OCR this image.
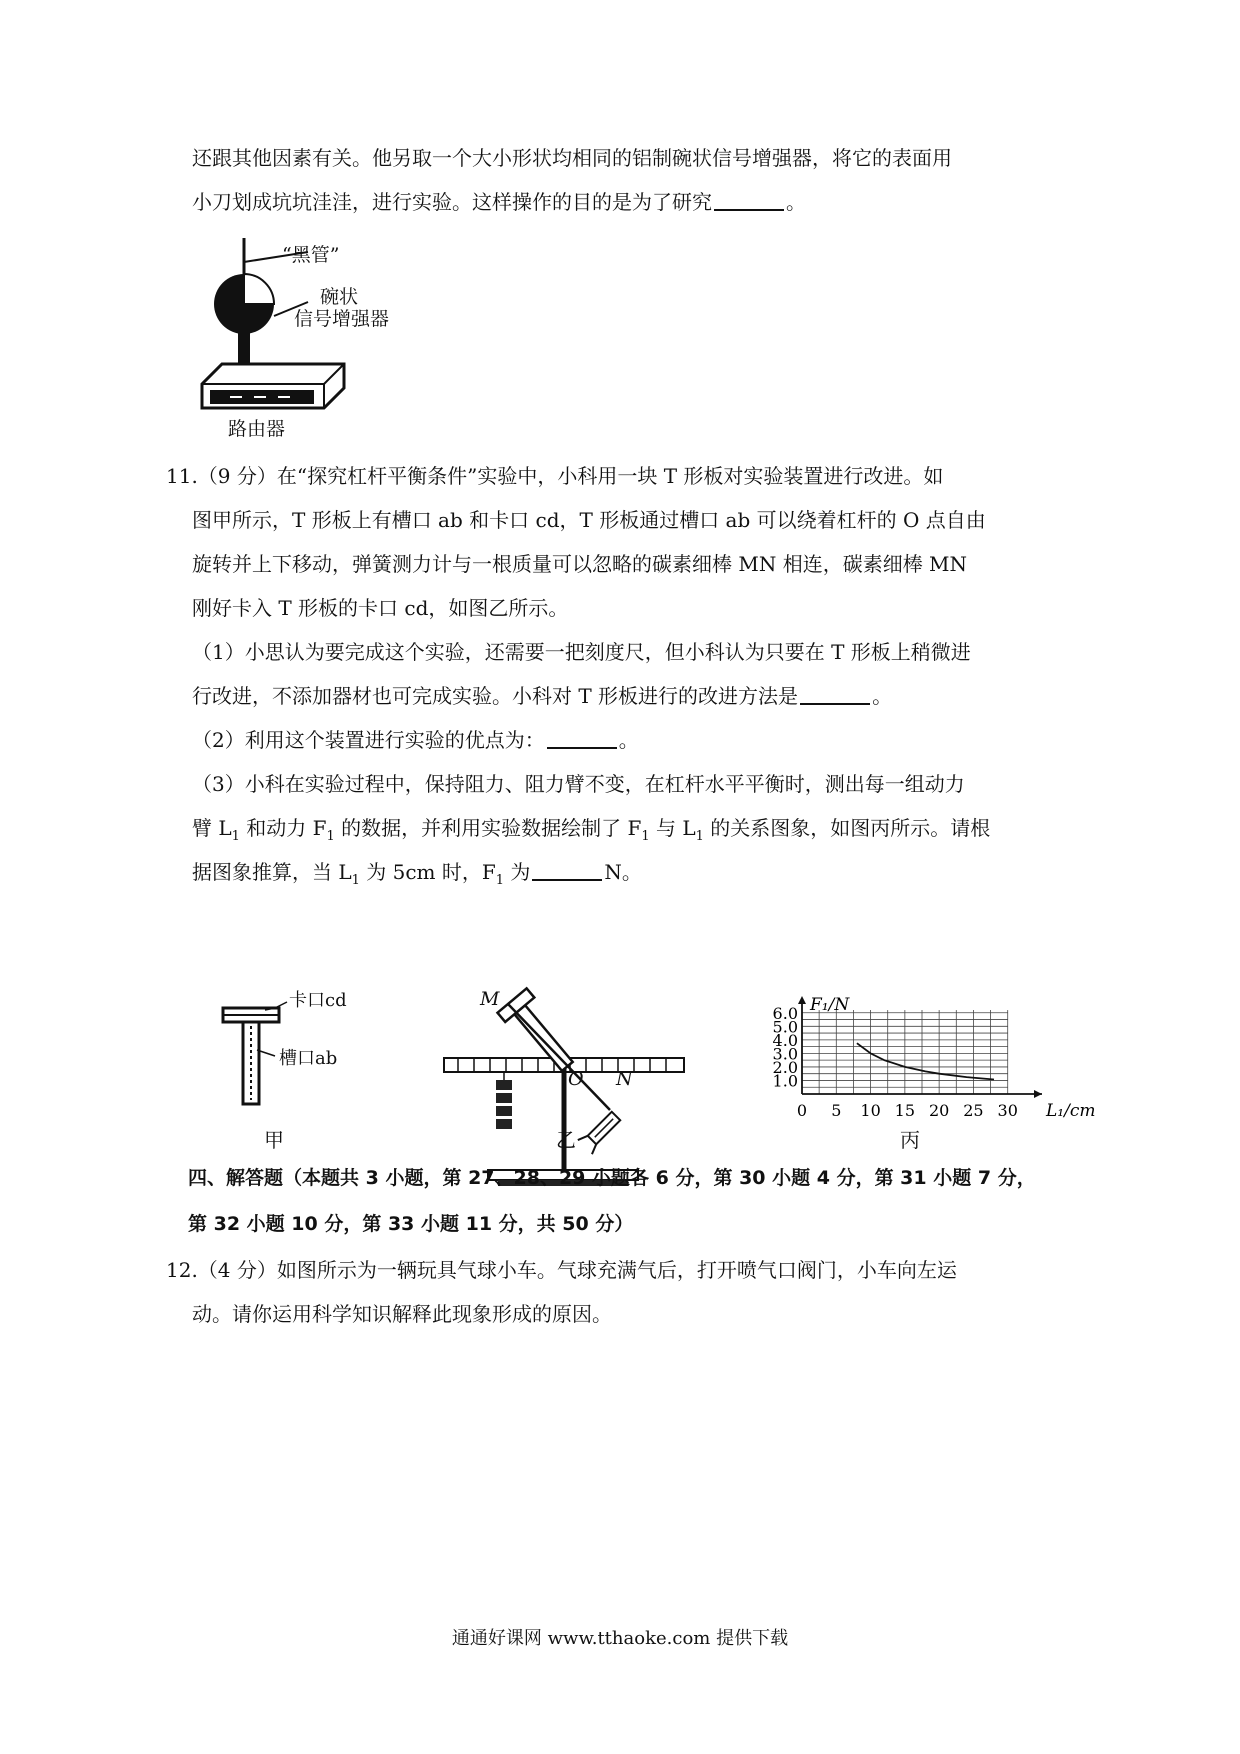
还跟其他因素有关。他另取一个大小形状均相同的铝制碗状信号增强器，将它的表面用
小刀划成坑坑洼洼，进行实验。这样操作的目的是为了研究	。
“黑管”
碗状
信号增强器
路由器
11.（9 分）在“探究杠杆平衡条件”实验中，小科用一块 T 形板对实验装置进行改进。如
图甲所示，T 形板上有槽口 ab 和卡口 cd，T 形板通过槽口 ab 可以绕着杠杆的 O 点自由
旋转并上下移动，弹簧测力计与一根质量可以忽略的碳素细棒 MN 相连，碳素细棒 MN
刚好卡入 T 形板的卡口 cd，如图乙所示。
（1）小思认为要完成这个实验，还需要一把刻度尺，但小科认为只要在 T 形板上稍微进
行改进，不添加器材也可完成实验。小科对 T 形板进行的改进方法是	。
（2）利用这个装置进行实验的优点为：	。
（3）小科在实验过程中，保持阻力、阻力臂不变，在杠杆水平平衡时，测出每一组动力
臂 $L_1$ 和动力 $F_1$ 的数据，并利用实验数据绘制了 $F_1$ 与 $L_1$ 的关系图象，如图丙所示。请根
据图象推算，当 $L_1$ 为 5cm 时，$F_1$ 为	N。
卡口cd
槽口ab
甲
M
O N
乙
0 5 10 15 20 25 30
1.0
2.0
3.0
4.0
5.0
6.0
L₁/cm
F₁/N
丙
四、解答题（本题共 3 小题，第 27、28、29 小题各 6 分，第 30 小题 4 分，第 31 小题 7 分，
第 32 小题 10 分，第 33 小题 11 分，共 50 分）
12.（4 分）如图所示为一辆玩具气球小车。气球充满气后，打开喷气口阀门，小车向左运
动。请你运用科学知识解释此现象形成的原因。
通通好课网 www.tthaoke.com 提供下载
